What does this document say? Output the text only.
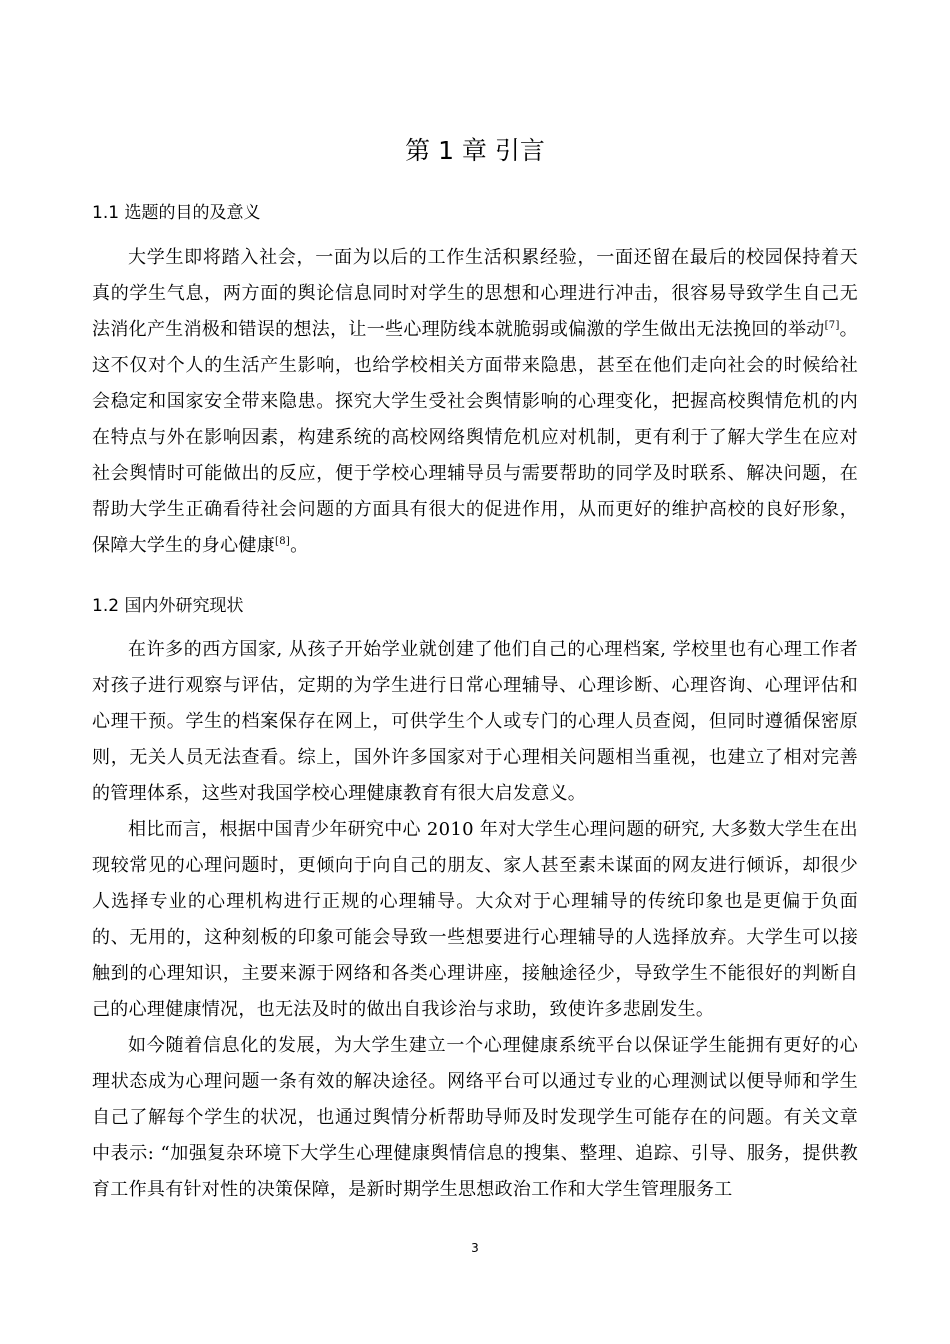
第 1 章 引言
1.1 选题的目的及意义

大学生即将踏入社会，一面为以后的工作生活积累经验，一面还留在最后的校园保持着天真的学生气息，两方面的舆论信息同时对学生的思想和心理进行冲击，很容易导致学生自己无法消化产生消极和错误的想法，让一些心理防线本就脆弱或偏激的学生做出无法挽回的举动[7]。这不仅对个人的生活产生影响，也给学校相关方面带来隐患，甚至在他们走向社会的时候给社会稳定和国家安全带来隐患。探究大学生受社会舆情影响的心理变化，把握高校舆情危机的内在特点与外在影响因素，构建系统的高校网络舆情危机应对机制，更有利于了解大学生在应对社会舆情时可能做出的反应，便于学校心理辅导员与需要帮助的同学及时联系、解决问题，在帮助大学生正确看待社会问题的方面具有很大的促进作用，从而更好的维护高校的良好形象，保障大学生的身心健康[8]。

1.2 国内外研究现状

在许多的西方国家, 从孩子开始学业就创建了他们自己的心理档案, 学校里也有心理工作者对孩子进行观察与评估，定期的为学生进行日常心理辅导、心理诊断、心理咨询、心理评估和心理干预。学生的档案保存在网上，可供学生个人或专门的心理人员查阅，但同时遵循保密原则，无关人员无法查看。综上，国外许多国家对于心理相关问题相当重视，也建立了相对完善的管理体系，这些对我国学校心理健康教育有很大启发意义。

相比而言，根据中国青少年研究中心 2010 年对大学生心理问题的研究, 大多数大学生在出现较常见的心理问题时，更倾向于向自己的朋友、家人甚至素未谋面的网友进行倾诉，却很少人选择专业的心理机构进行正规的心理辅导。大众对于心理辅导的传统印象也是更偏于负面的、无用的，这种刻板的印象可能会导致一些想要进行心理辅导的人选择放弃。大学生可以接触到的心理知识，主要来源于网络和各类心理讲座，接触途径少，导致学生不能很好的判断自己的心理健康情况，也无法及时的做出自我诊治与求助，致使许多悲剧发生。

如今随着信息化的发展，为大学生建立一个心理健康系统平台以保证学生能拥有更好的心理状态成为心理问题一条有效的解决途径。网络平台可以通过专业的心理测试以便导师和学生自己了解每个学生的状况，也通过舆情分析帮助导师及时发现学生可能存在的问题。有关文章中表示: “加强复杂环境下大学生心理健康舆情信息的搜集、整理、追踪、引导、服务，提供教育工作具有针对性的决策保障，是新时期学生思想政治工作和大学生管理服务工

3
